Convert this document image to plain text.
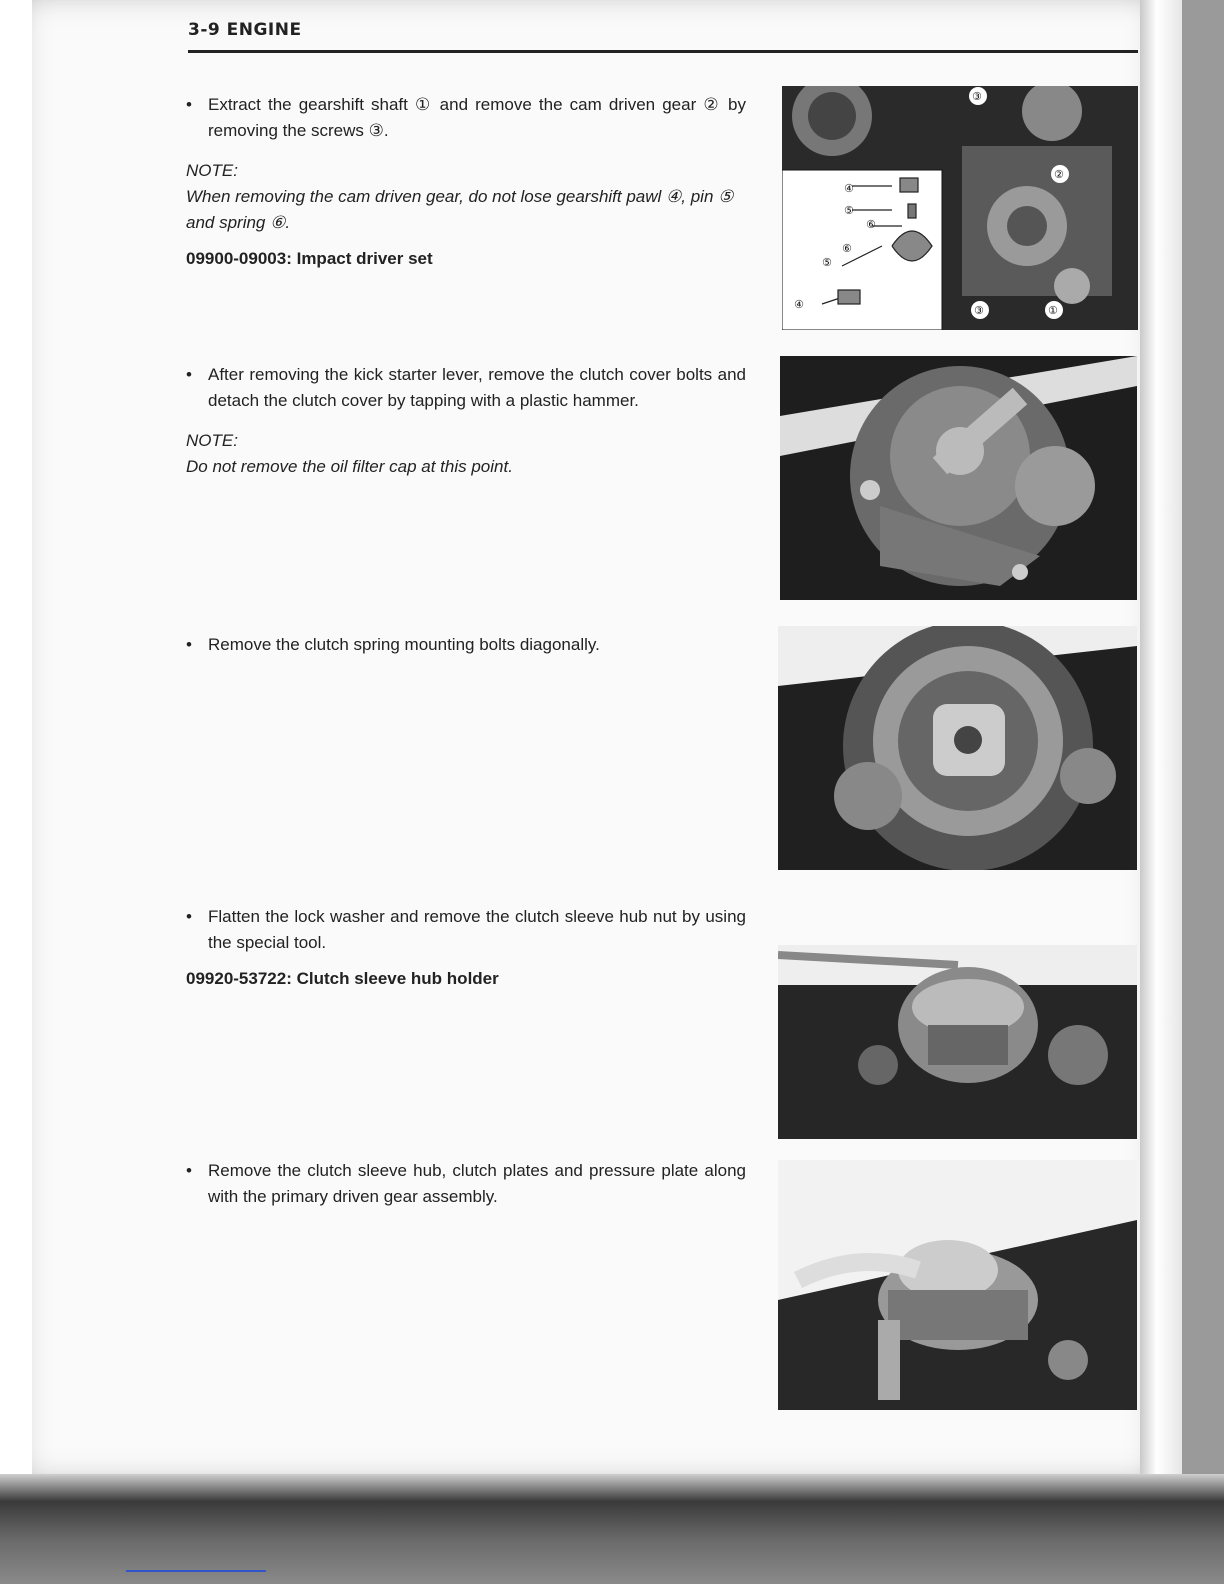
3-9 ENGINE
• Extract the gearshift shaft ① and remove the cam driven gear ② by removing the screws ③.
NOTE:
When removing the cam driven gear, do not lose gearshift pawl ④, pin ⑤ and spring ⑥.
09900-09003: Impact driver set
• After removing the kick starter lever, remove the clutch cover bolts and detach the clutch cover by tapping with a plastic hammer.
NOTE:
Do not remove the oil filter cap at this point.
• Remove the clutch spring mounting bolts diagonally.
• Flatten the lock washer and remove the clutch sleeve hub nut by using the special tool.
09920-53722: Clutch sleeve hub holder
• Remove the clutch sleeve hub, clutch plates and pressure plate along with the primary driven gear assembly.
④
⑤
⑥
⑥
⑤
④
③
②
③	①
